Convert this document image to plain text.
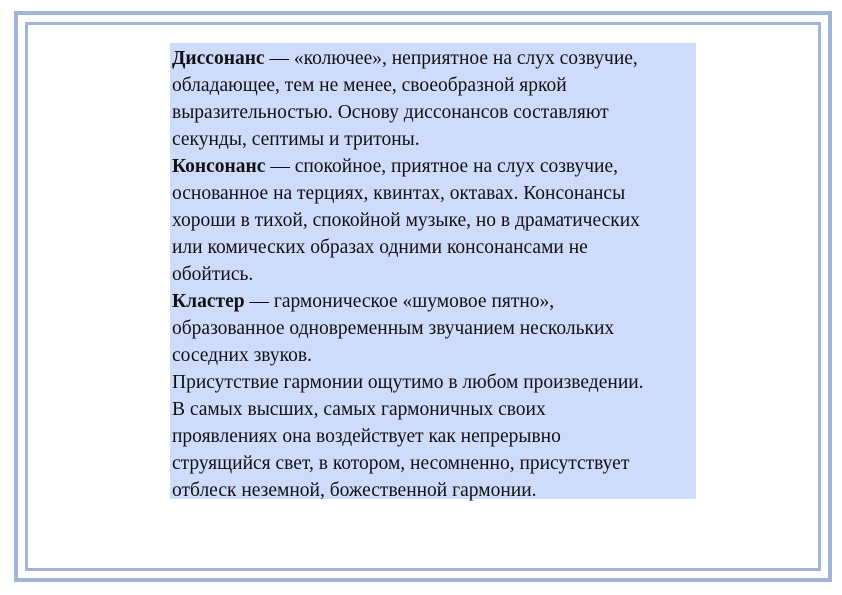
Диссонанс — «колючее», неприятное на слух созвучие,
обладающее, тем не менее, своеобразной яркой
выразительностью. Основу диссонансов составляют
секунды, септимы и тритоны.

Консонанс — спокойное, приятное на слух созвучие,
основанное на терциях, квинтах, октавах. Консонансы
хороши в тихой, спокойной музыке, но в драматических
или комических образах одними консонансами не
обойтись.

Кластер — гармоническое «шумовое пятно»,
образованное одновременным звучанием нескольких
соседних звуков.

Присутствие гармонии ощутимо в любом произведении.
В самых высших, самых гармоничных своих
проявлениях она воздействует как непрерывно
струящийся свет, в котором, несомненно, присутствует
отблеск неземной, божественной гармонии.
